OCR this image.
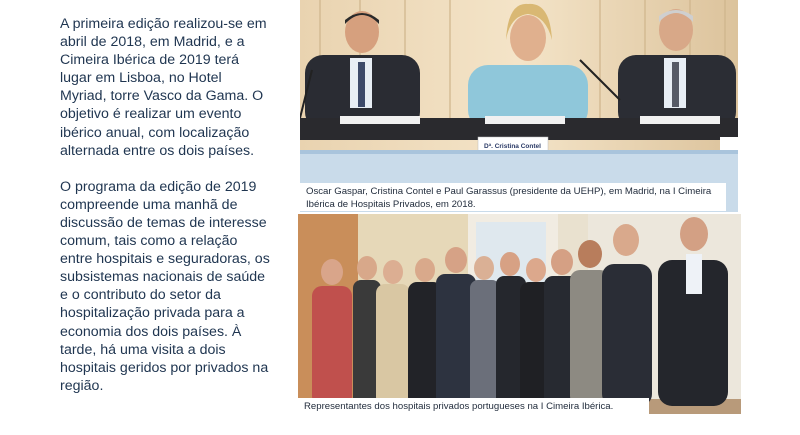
A primeira edição realizou-se em abril de 2018, em Madrid, e a Cimeira Ibérica de 2019 terá lugar em Lisboa, no Hotel Myriad, torre Vasco da Gama. O objetivo é realizar um evento ibérico anual, com localização alternada entre os dois países.

O programa da edição de 2019 compreende uma manhã de discussão de temas de interesse comum, tais como a relação entre hospitais e seguradoras, os subsistemas nacionais de saúde e o contributo do setor da hospitalização privada para a economia dos dois países. À tarde, há uma visita a dois hospitais geridos por privados na região.

Dª. Cristina Contel
Oscar Gaspar, Cristina Contel e Paul Garassus (presidente da UEHP), em Madrid, na I Cimeira Ibérica de Hospitais Privados, em 2018.
Representantes dos hospitais privados portugueses na I Cimeira Ibérica.
